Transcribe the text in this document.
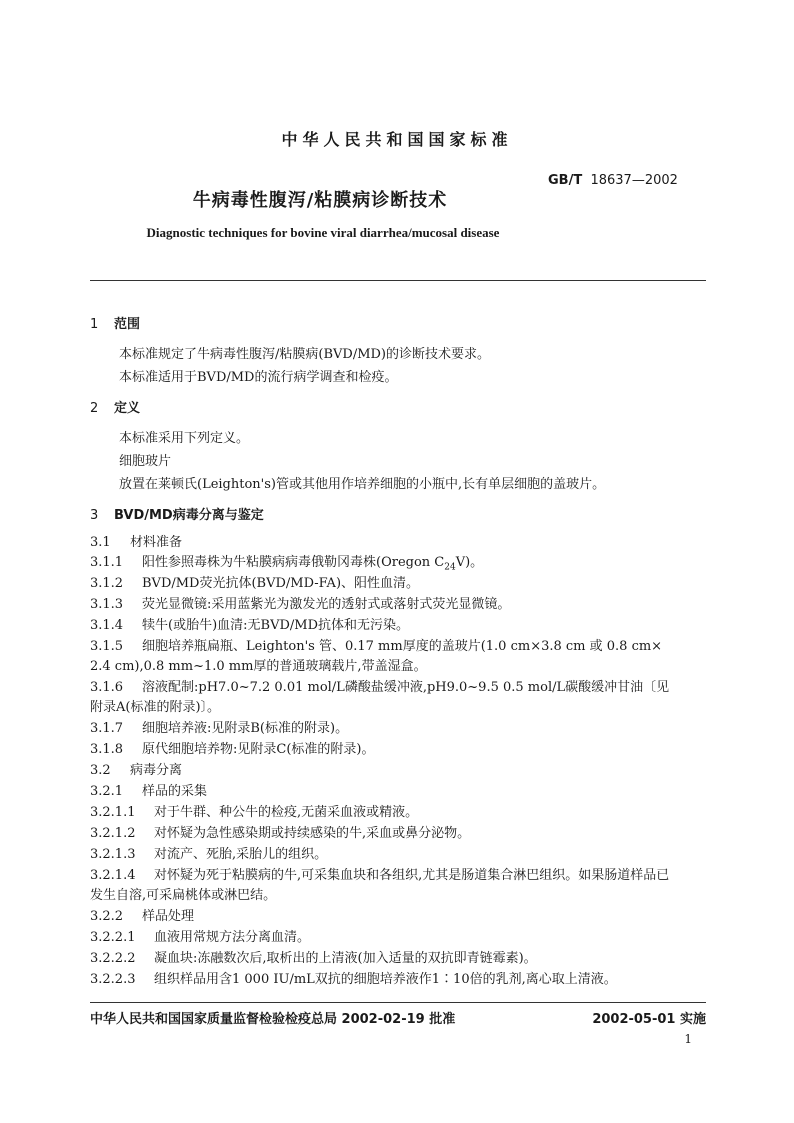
中华人民共和国国家标准
GB/T 18637—2002
牛病毒性腹泻/粘膜病诊断技术
Diagnostic techniques for bovine viral diarrhea/mucosal disease
1 范围
本标准规定了牛病毒性腹泻/粘膜病(BVD/MD)的诊断技术要求。
本标准适用于BVD/MD的流行病学调查和检疫。
2 定义
本标准采用下列定义。
细胞玻片
放置在莱顿氏(Leighton's)管或其他用作培养细胞的小瓶中,长有单层细胞的盖玻片。
3 BVD/MD病毒分离与鉴定
3.1 材料准备
3.1.1 阳性参照毒株为牛粘膜病病毒俄勒冈毒株(Oregon $C_{24}V$)。
3.1.2 BVD/MD荧光抗体(BVD/MD-FA)、阳性血清。
3.1.3 荧光显微镜:采用蓝紫光为激发光的透射式或落射式荧光显微镜。
3.1.4 犊牛(或胎牛)血清:无BVD/MD抗体和无污染。
3.1.5 细胞培养瓶扁瓶、Leighton's 管、0.17 mm厚度的盖玻片(1.0 cm×3.8 cm 或 0.8 cm×
2.4 cm),0.8 mm~1.0 mm厚的普通玻璃载片,带盖湿盒。
3.1.6 溶液配制:pH7.0~7.2 0.01 mol/L磷酸盐缓冲液,pH9.0~9.5 0.5 mol/L碳酸缓冲甘油〔见
附录A(标准的附录)〕。
3.1.7 细胞培养液:见附录B(标准的附录)。
3.1.8 原代细胞培养物:见附录C(标准的附录)。
3.2 病毒分离
3.2.1 样品的采集
3.2.1.1 对于牛群、种公牛的检疫,无菌采血液或精液。
3.2.1.2 对怀疑为急性感染期或持续感染的牛,采血或鼻分泌物。
3.2.1.3 对流产、死胎,采胎儿的组织。
3.2.1.4 对怀疑为死于粘膜病的牛,可采集血块和各组织,尤其是肠道集合淋巴组织。如果肠道样品已
发生自溶,可采扁桃体或淋巴结。
3.2.2 样品处理
3.2.2.1 血液用常规方法分离血清。
中华人民共和国国家质量监督检验检疫总局 2002-02-19 批准	2002-05-01 实施
1
3.2.2.2 凝血块:冻融数次后,取析出的上清液(加入适量的双抗即青链霉素)。
3.2.2.3 组织样品用含1 000 IU/mL双抗的细胞培养液作1∶10倍的乳剂,离心取上清液。
